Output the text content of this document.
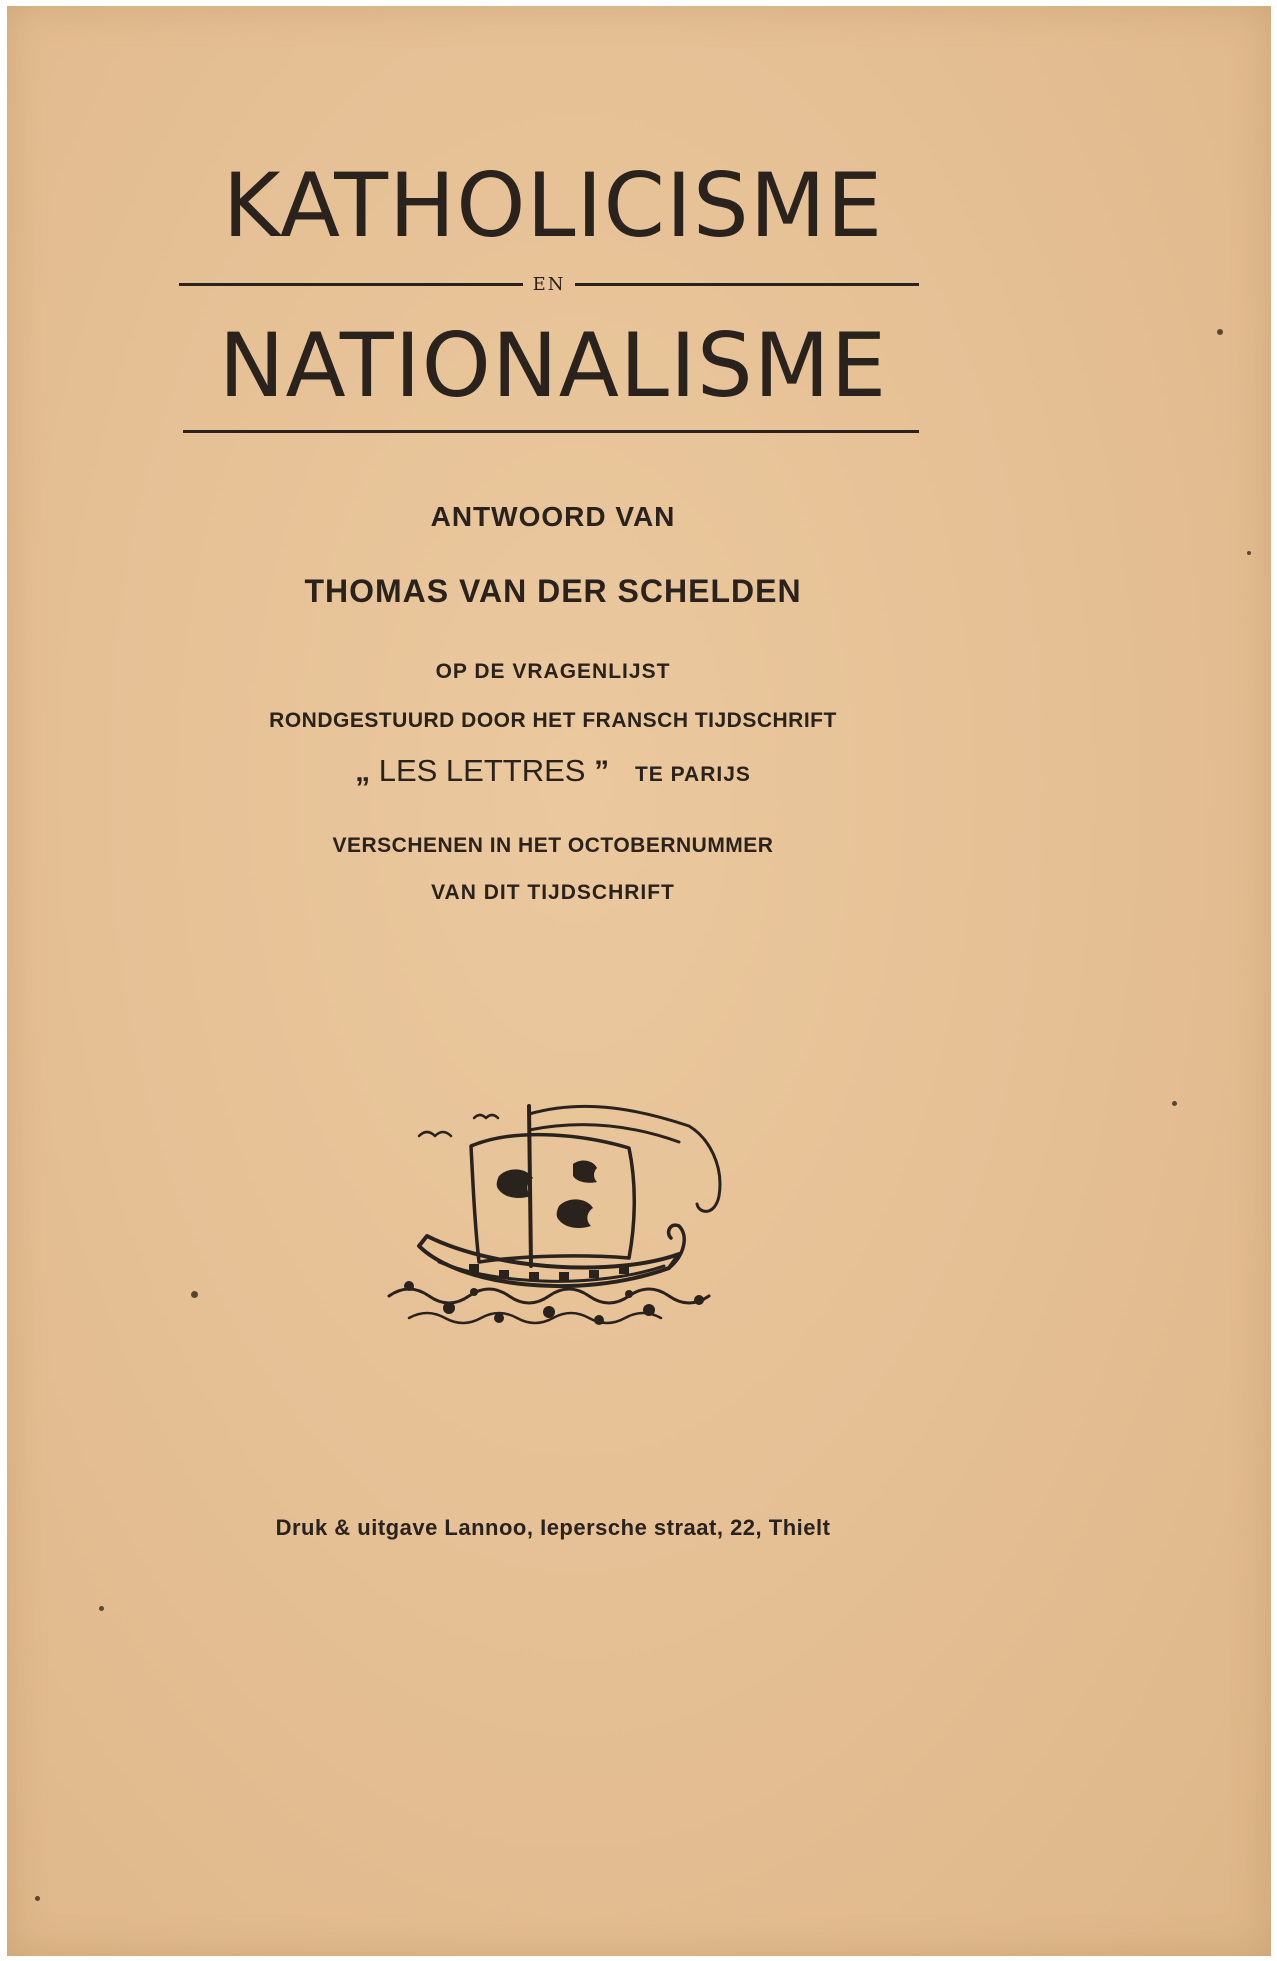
KATHOLICISME
EN
NATIONALISME
ANTWOORD VAN
THOMAS VAN DER SCHELDEN
OP DE VRAGENLIJST
RONDGESTUURD DOOR HET FRANSCH TIJDSCHRIFT
„ LES LETTRES ” TE PARIJS
VERSCHENEN IN HET OCTOBERNUMMER
VAN DIT TIJDSCHRIFT
Druk & uitgave Lannoo, Iepersche straat, 22, Thielt
